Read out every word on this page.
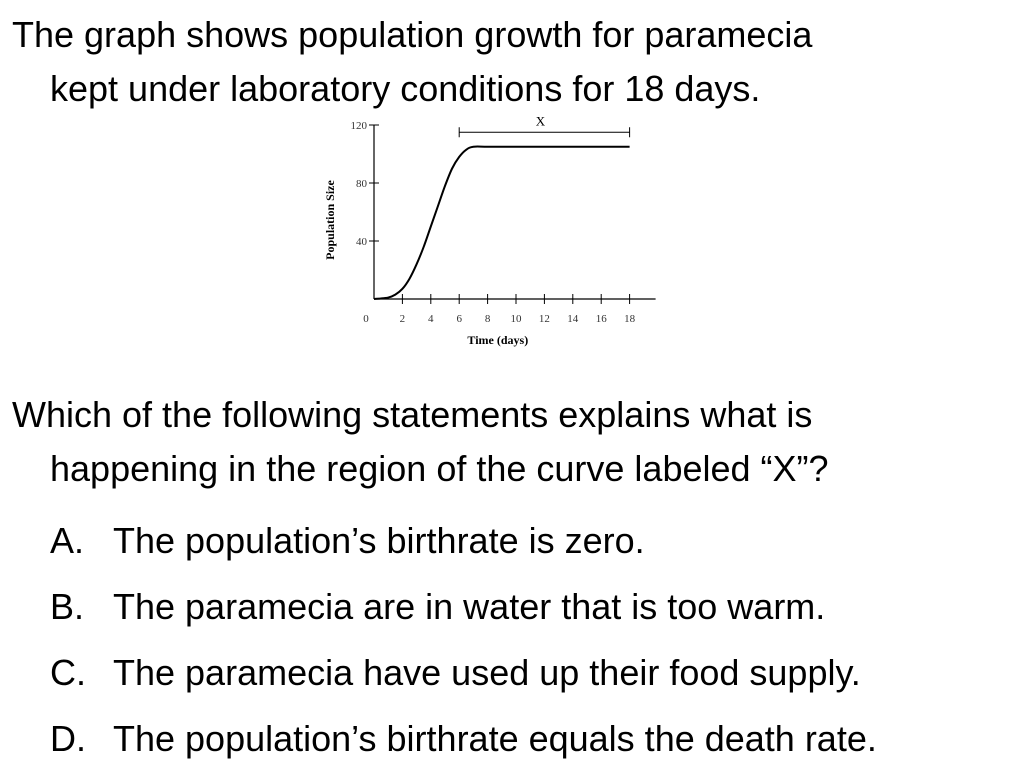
The graph shows population growth for paramecia
kept under laboratory conditions for 18 days.
40
80
120
0	2 4 6 8 10 12 14 16 18
Population Size
Time (days)
X
Which of the following statements explains what is
happening in the region of the curve labeled “X”?
A. The population’s birthrate is zero.
B. The paramecia are in water that is too warm.
C. The paramecia have used up their food supply.
D. The population’s birthrate equals the death rate.
